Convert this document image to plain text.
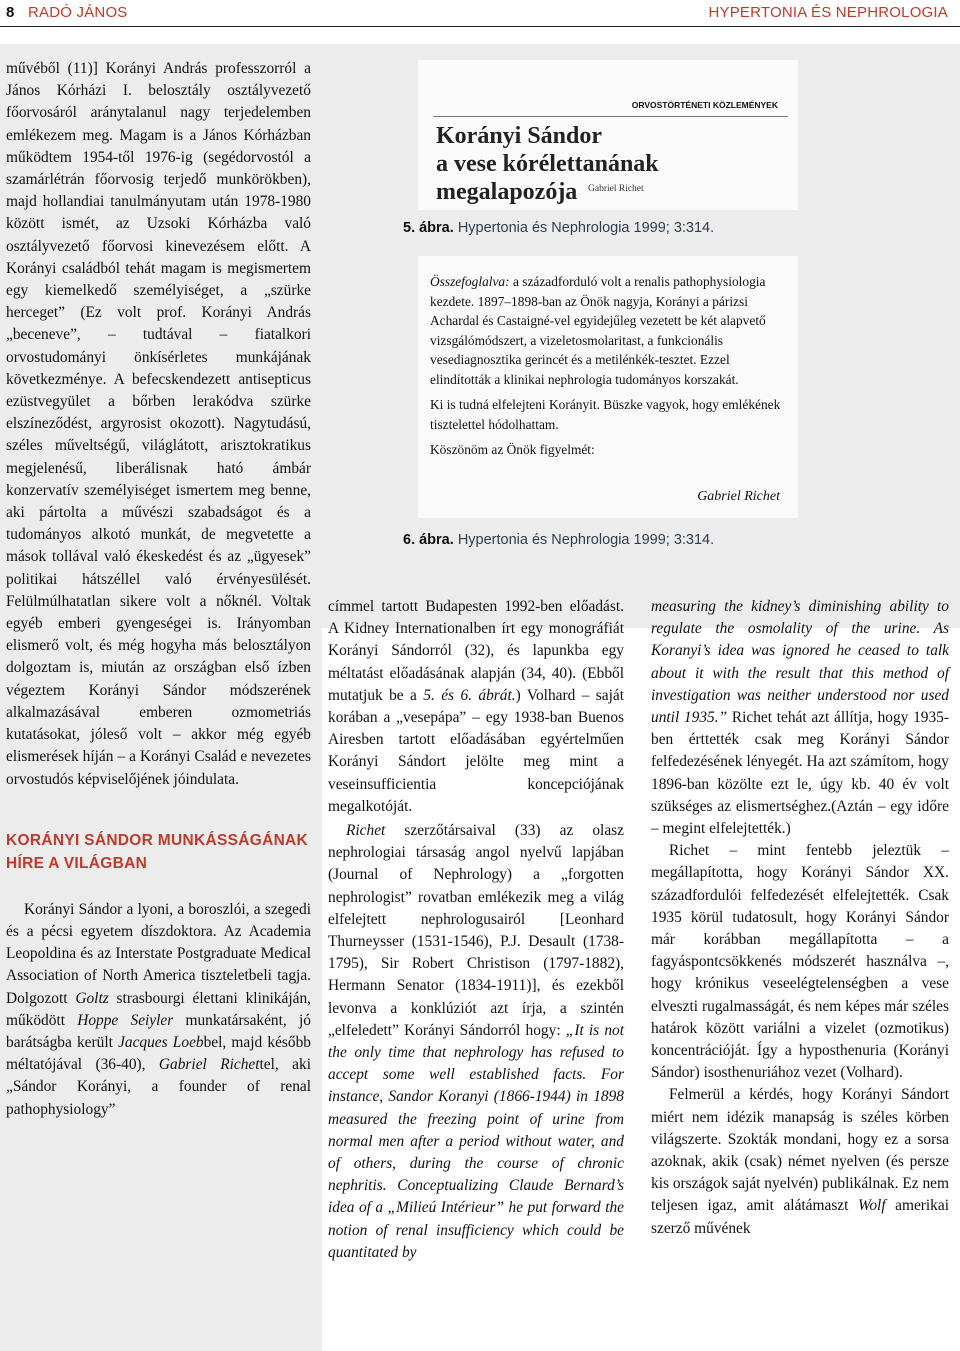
8 RADÓ JÁNOS	HYPERTONIA ÉS NEPHROLOGIA
ORVOSTÖRTÉNETI KÖZLEMÉNYEK
Korányi Sándor
a vese kórélettanának megalapozója	Gabriel Richet
5. ábra. Hypertonia és Nephrologia 1999; 3:314.

Összefoglalva: a századforduló volt a renalis pathophysiologia kezdete. 1897–1898-ban az Önök nagyja, Korányi a párizsi Achardal és Castaigné-vel egyidejűleg vezetett be két alapvető vizsgálómódszert, a vizeletosmolaritast, a funkcionális vesediagnosztika gerincét és a metilénkék-tesztet. Ezzel elindították a klinikai nephrologia tudományos korszakát.

Ki is tudná elfelejteni Korányit. Büszke vagyok, hogy emlékének tisztelettel hódolhattam.

Köszönöm az Önök figyelmét:

Gabriel Richet
6. ábra. Hypertonia és Nephrologia 1999; 3:314.

művéből (11)] Korányi András professzorról a János Kórházi I. belosztály osztályvezető főorvosáról aránytalanul nagy terjedelemben emlékezem meg. Magam is a János Kórházban működtem 1954-től 1976-ig (segédorvostól a szamárlétrán főorvosig terjedő munkörökben), majd hollandiai tanulmányutam után 1978-1980 között ismét, az Uzsoki Kórházba való osztályvezető főorvosi kinevezésem előtt. A Korányi családból tehát magam is megismertem egy kiemelkedő személyiséget, a „szürke herceget” (Ez volt prof. Korányi András „beceneve”, – tudtával – fiatalkori orvostudományi önkísérletes munkájának következménye. A befecskendezett antisepticus ezüstvegyület a bőrben lerakódva szürke elszíneződést, argyrosist okozott). Nagytudású, széles műveltségű, világlátott, arisztokratikus megjelenésű, liberálisnak ható ámbár konzervatív személyiséget ismertem meg benne, aki pártolta a művészi szabadságot és a tudományos alkotó munkát, de megvetette a mások tollával való ékeskedést és az „ügyesek” politikai hátszéllel való érvényesülését. Felülmúlhatatlan sikere volt a nőknél. Voltak egyéb emberi gyengeségei is. Irányomban elismerő volt, és még hogyha más belosztályon dolgoztam is, miután az országban első ízben végeztem Korányi Sándor módszerének alkalmazásával emberen ozmometriás kutatásokat, jóleső volt – akkor még egyéb elismerések híján – a Korányi Család e nevezetes orvostudós képviselőjének jóindulata.

KORÁNYI SÁNDOR MUNKÁSSÁGÁNAK HÍRE A VILÁGBAN

Korányi Sándor a lyoni, a boroszlói, a szegedi és a pécsi egyetem díszdoktora. Az Academia Leopoldina és az Interstate Postgraduate Medical Association of North America tiszteletbeli tagja. Dolgozott Goltz strasbourgi élettani klinikáján, működött Hoppe Seiyler munkatársaként, jó barátságba került Jacques Loebbel, majd később méltatójával (36-40), Gabriel Richettel, aki „Sándor Korányi, a founder of renal pathophysiology”

címmel tartott Budapesten 1992-ben előadást. A Kidney Internationalben írt egy monográfiát Korányi Sándorról (32), és lapunkba egy méltatást előadásának alapján (34, 40). (Ebből mutatjuk be a 5. és 6. ábrát.) Volhard – saját korában a „vesepápa” – egy 1938-ban Buenos Airesben tartott előadásában egyértelműen Korányi Sándort jelölte meg mint a veseinsufficientia koncepciójának megalkotóját.

Richet szerzőtársaival (33) az olasz nephrologiai társaság angol nyelvű lapjában (Journal of Nephrology) a „forgotten nephrologist” rovatban emlékezik meg a világ elfelejtett nephrologusairól [Leonhard Thurneysser (1531-1546), P.J. Desault (1738-1795), Sir Robert Christison (1797-1882), Hermann Senator (1834-1911)], és ezekből levonva a konklúziót azt írja, a szintén „elfeledett” Korányi Sándorról hogy: „It is not the only time that nephrology has refused to accept some well established facts. For instance, Sandor Koranyi (1866-1944) in 1898 measured the freezing point of urine from normal men after a period without water, and of others, during the course of chronic nephritis. Conceptualizing Claude Bernard’s idea of a „Milieú Intérieur” he put forward the notion of renal insufficiency which could be quantitated by

measuring the kidney’s diminishing ability to regulate the osmolality of the urine. As Koranyi’s idea was ignored he ceased to talk about it with the result that this method of investigation was neither understood nor used until 1935.” Richet tehát azt állítja, hogy 1935- ben érttették csak meg Korányi Sándor felfedezésének lényegét. Ha azt számítom, hogy 1896-ban közölte ezt le, úgy kb. 40 év volt szükséges az elismertséghez.(Aztán – egy időre – megint elfelejtették.)

Richet – mint fentebb jeleztük – megállapította, hogy Korányi Sándor XX. századfordulói felfedezését elfelejtették. Csak 1935 körül tudatosult, hogy Korányi Sándor már korábban megállapította – a fagyáspontcsökkenés módszerét használva –, hogy krónikus veseelégtelenségben a vese elveszti rugalmasságát, és nem képes már széles határok között variálni a vizelet (ozmotikus) koncentrációját. Így a hyposthenuria (Korányi Sándor) isosthenuriához vezet (Volhard).

Felmerül a kérdés, hogy Korányi Sándort miért nem idézik manapság is széles körben világszerte. Szokták mondani, hogy ez a sorsa azoknak, akik (csak) német nyelven (és persze kis országok saját nyelvén) publikálnak. Ez nem teljesen igaz, amit alátámaszt Wolf amerikai szerző művének
